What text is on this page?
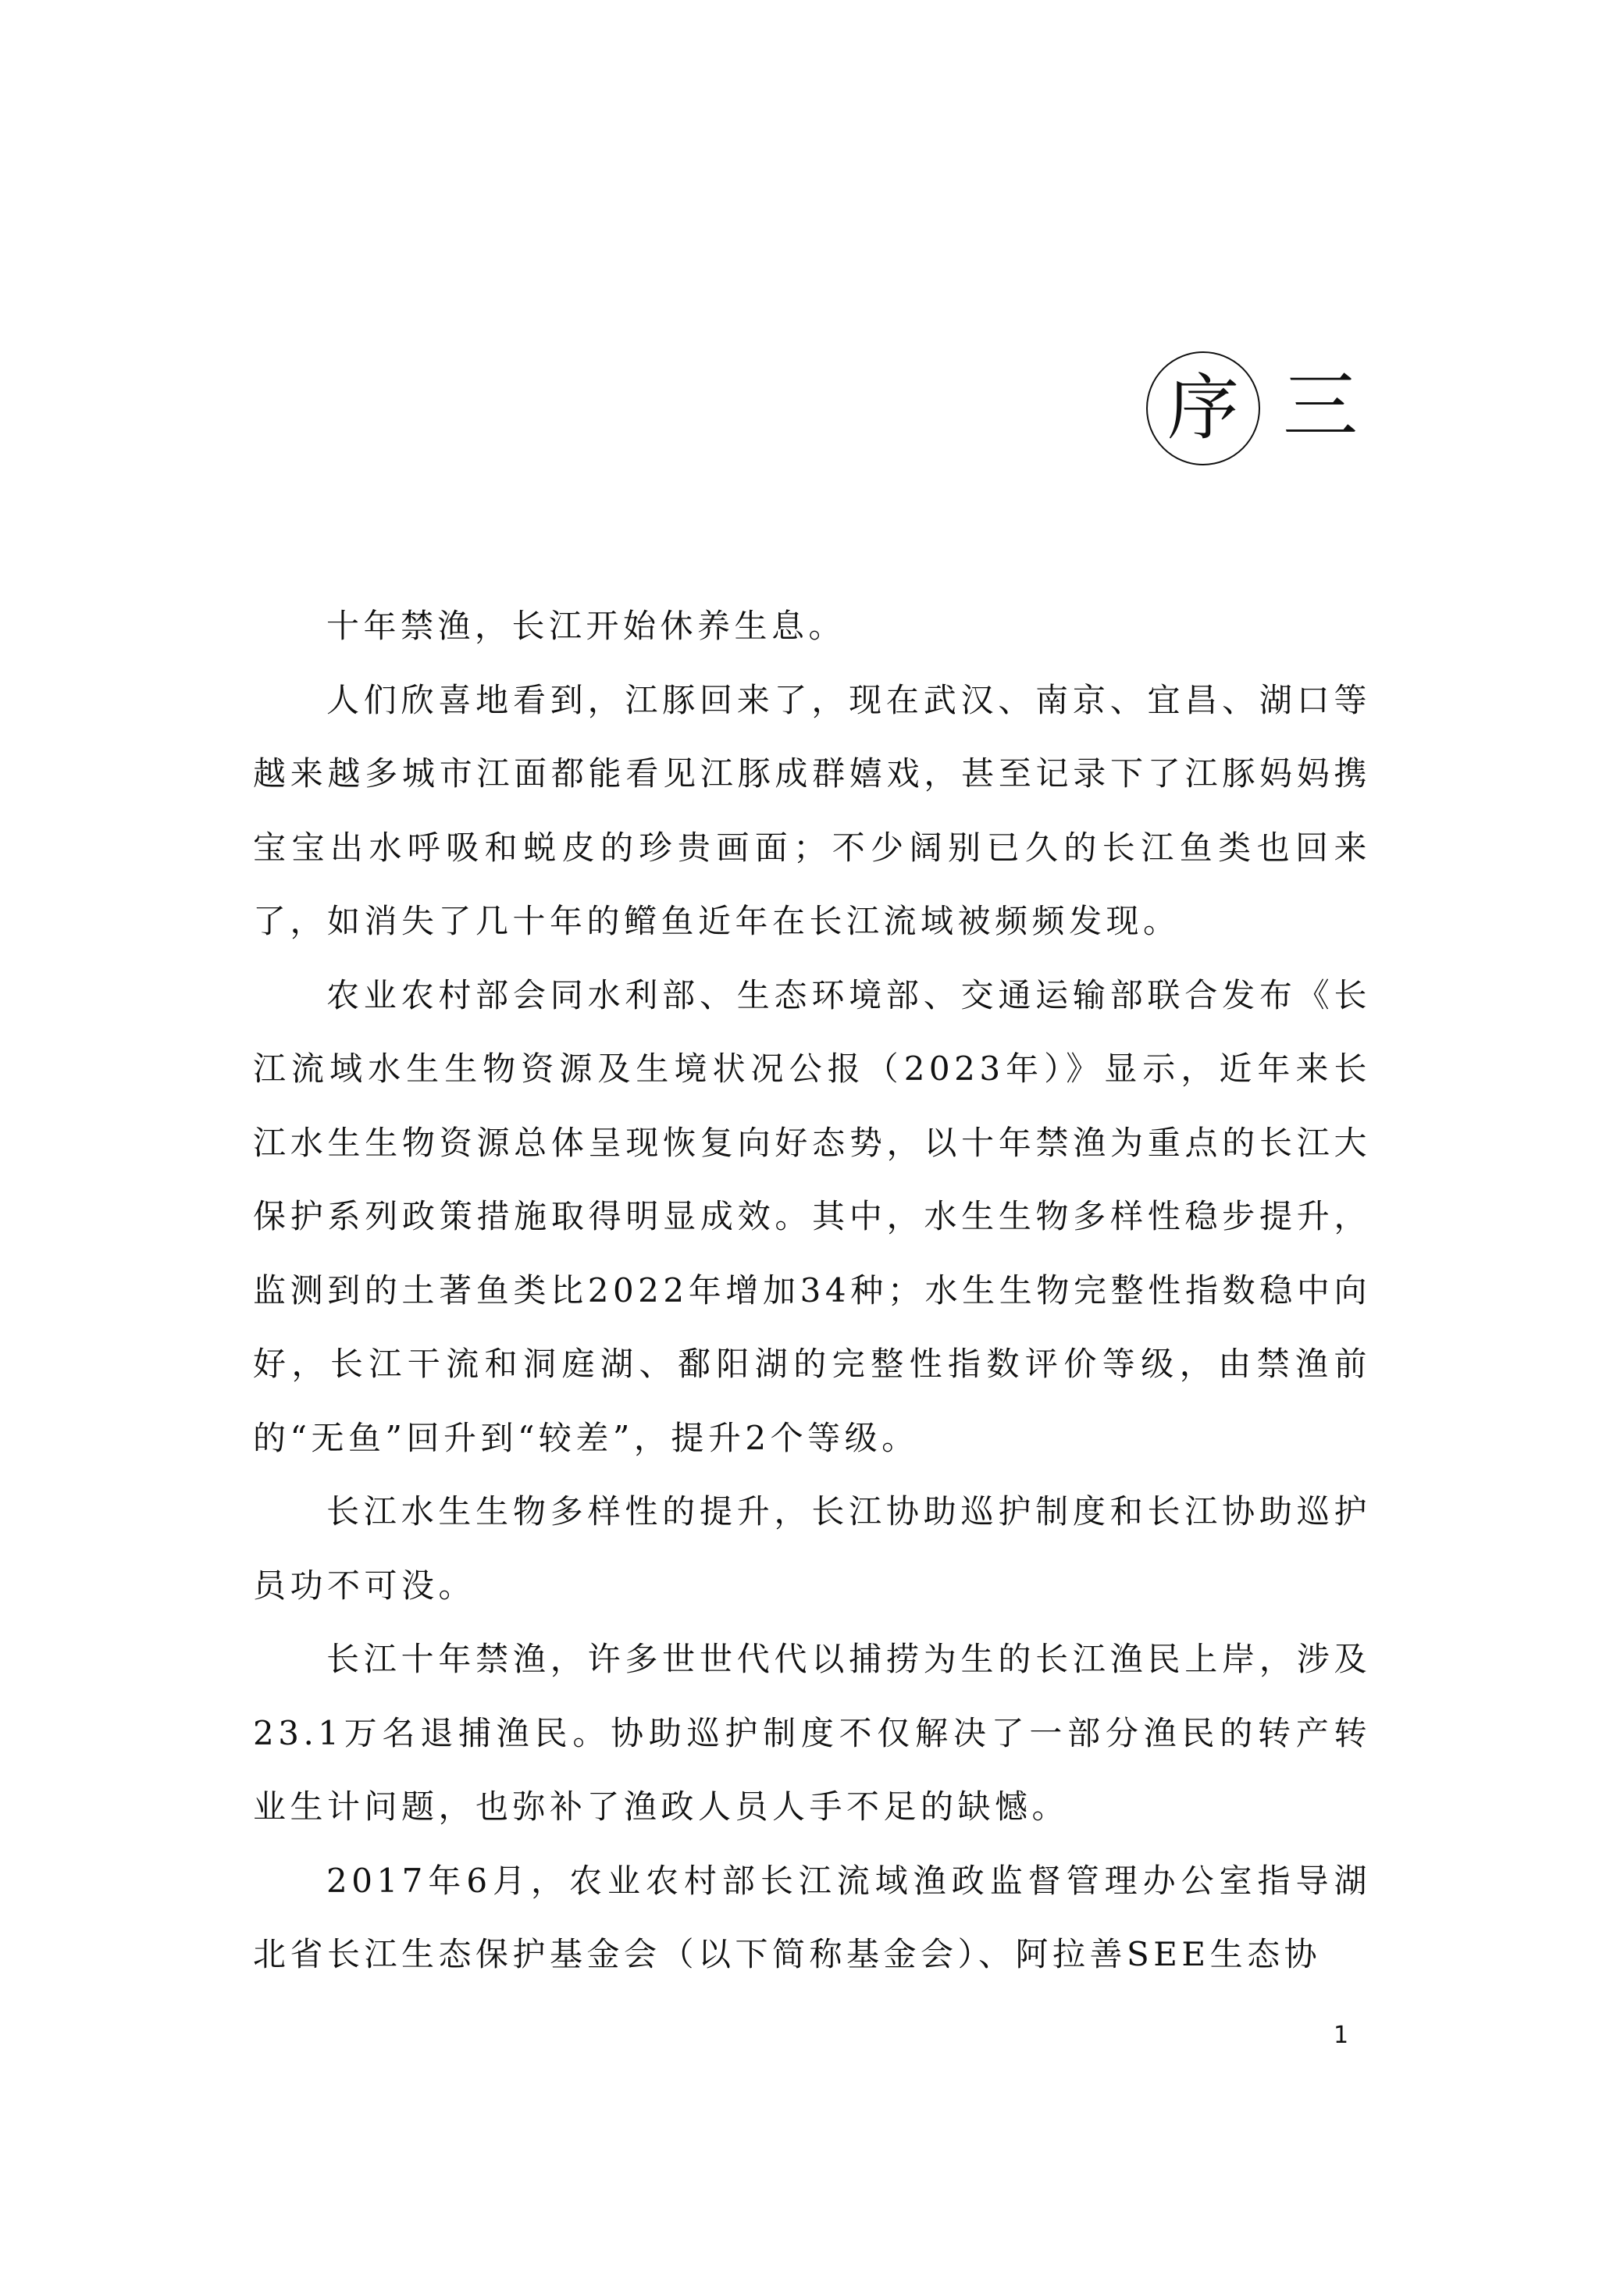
序 三

十年禁渔，长江开始休养生息。

人们欣喜地看到，江豚回来了，现在武汉、南京、宜昌、湖口等越来越多城市江面都能看见江豚成群嬉戏，甚至记录下了江豚妈妈携宝宝出水呼吸和蜕皮的珍贵画面；不少阔别已久的长江鱼类也回来了，如消失了几十年的鳤鱼近年在长江流域被频频发现。

农业农村部会同水利部、生态环境部、交通运输部联合发布《长江流域水生生物资源及生境状况公报（2023年）》显示，近年来长江水生生物资源总体呈现恢复向好态势，以十年禁渔为重点的长江大保护系列政策措施取得明显成效。其中，水生生物多样性稳步提升，监测到的土著鱼类比2022年增加34种；水生生物完整性指数稳中向好，长江干流和洞庭湖、鄱阳湖的完整性指数评价等级，由禁渔前的“无鱼”回升到“较差”，提升2个等级。

长江水生生物多样性的提升，长江协助巡护制度和长江协助巡护员功不可没。

长江十年禁渔，许多世世代代以捕捞为生的长江渔民上岸，涉及23.1万名退捕渔民。协助巡护制度不仅解决了一部分渔民的转产转业生计问题，也弥补了渔政人员人手不足的缺憾。

2017年6月，农业农村部长江流域渔政监督管理办公室指导湖北省长江生态保护基金会（以下简称基金会）、阿拉善SEE生态协

1
